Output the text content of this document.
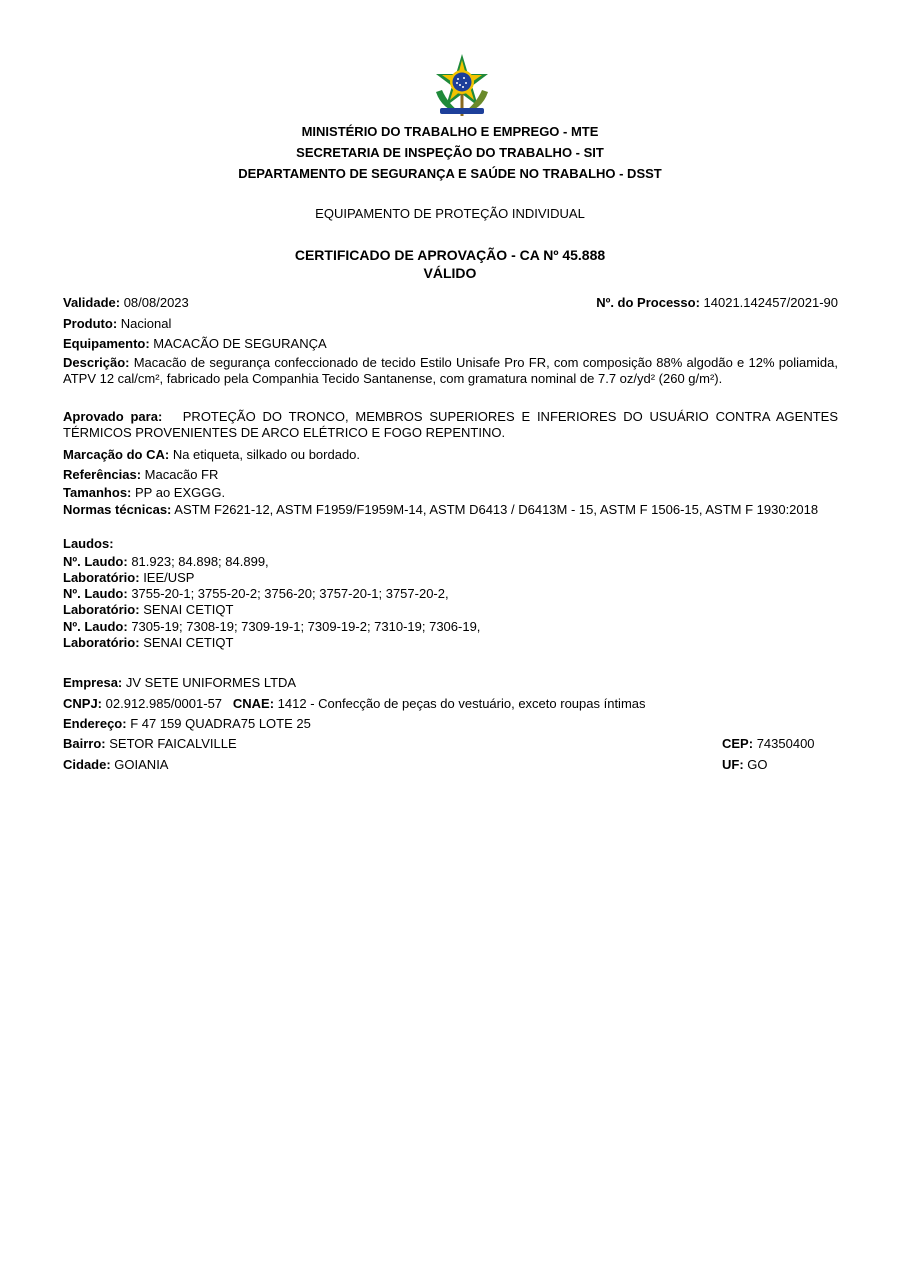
MINISTÉRIO DO TRABALHO E EMPREGO - MTE
SECRETARIA DE INSPEÇÃO DO TRABALHO - SIT
DEPARTAMENTO DE SEGURANÇA E SAÚDE NO TRABALHO - DSST
EQUIPAMENTO DE PROTEÇÃO INDIVIDUAL
CERTIFICADO DE APROVAÇÃO - CA Nº 45.888
VÁLIDO
Validade: 08/08/2023	Nº. do Processo: 14021.142457/2021-90
Produto: Nacional
Equipamento: MACACÃO DE SEGURANÇA
Descrição: Macacão de segurança confeccionado de tecido Estilo Unisafe Pro FR, com composição 88% algodão e 12% poliamida, ATPV 12 cal/cm², fabricado pela Companhia Tecido Santanense, com gramatura nominal de 7.7 oz/yd² (260 g/m²).
Aprovado para: PROTEÇÃO DO TRONCO, MEMBROS SUPERIORES E INFERIORES DO USUÁRIO CONTRA AGENTES TÉRMICOS PROVENIENTES DE ARCO ELÉTRICO E FOGO REPENTINO.
Marcação do CA: Na etiqueta, silkado ou bordado.
Referências: Macacão FR
Tamanhos: PP ao EXGGG.
Normas técnicas: ASTM F2621-12, ASTM F1959/F1959M-14, ASTM D6413 / D6413M - 15, ASTM F 1506-15, ASTM F 1930:2018
Laudos:
Nº. Laudo: 81.923; 84.898; 84.899,
Laboratório: IEE/USP
Nº. Laudo: 3755-20-1; 3755-20-2; 3756-20; 3757-20-1; 3757-20-2,
Laboratório: SENAI CETIQT
Nº. Laudo: 7305-19; 7308-19; 7309-19-1; 7309-19-2; 7310-19; 7306-19,
Laboratório: SENAI CETIQT
Empresa: JV SETE UNIFORMES LTDA
CNPJ: 02.912.985/0001-57 CNAE: 1412 - Confecção de peças do vestuário, exceto roupas íntimas
Endereço: F 47 159 QUADRA75 LOTE 25
Bairro: SETOR FAICALVILLE	CEP: 74350400
Cidade: GOIANIA	UF: GO
